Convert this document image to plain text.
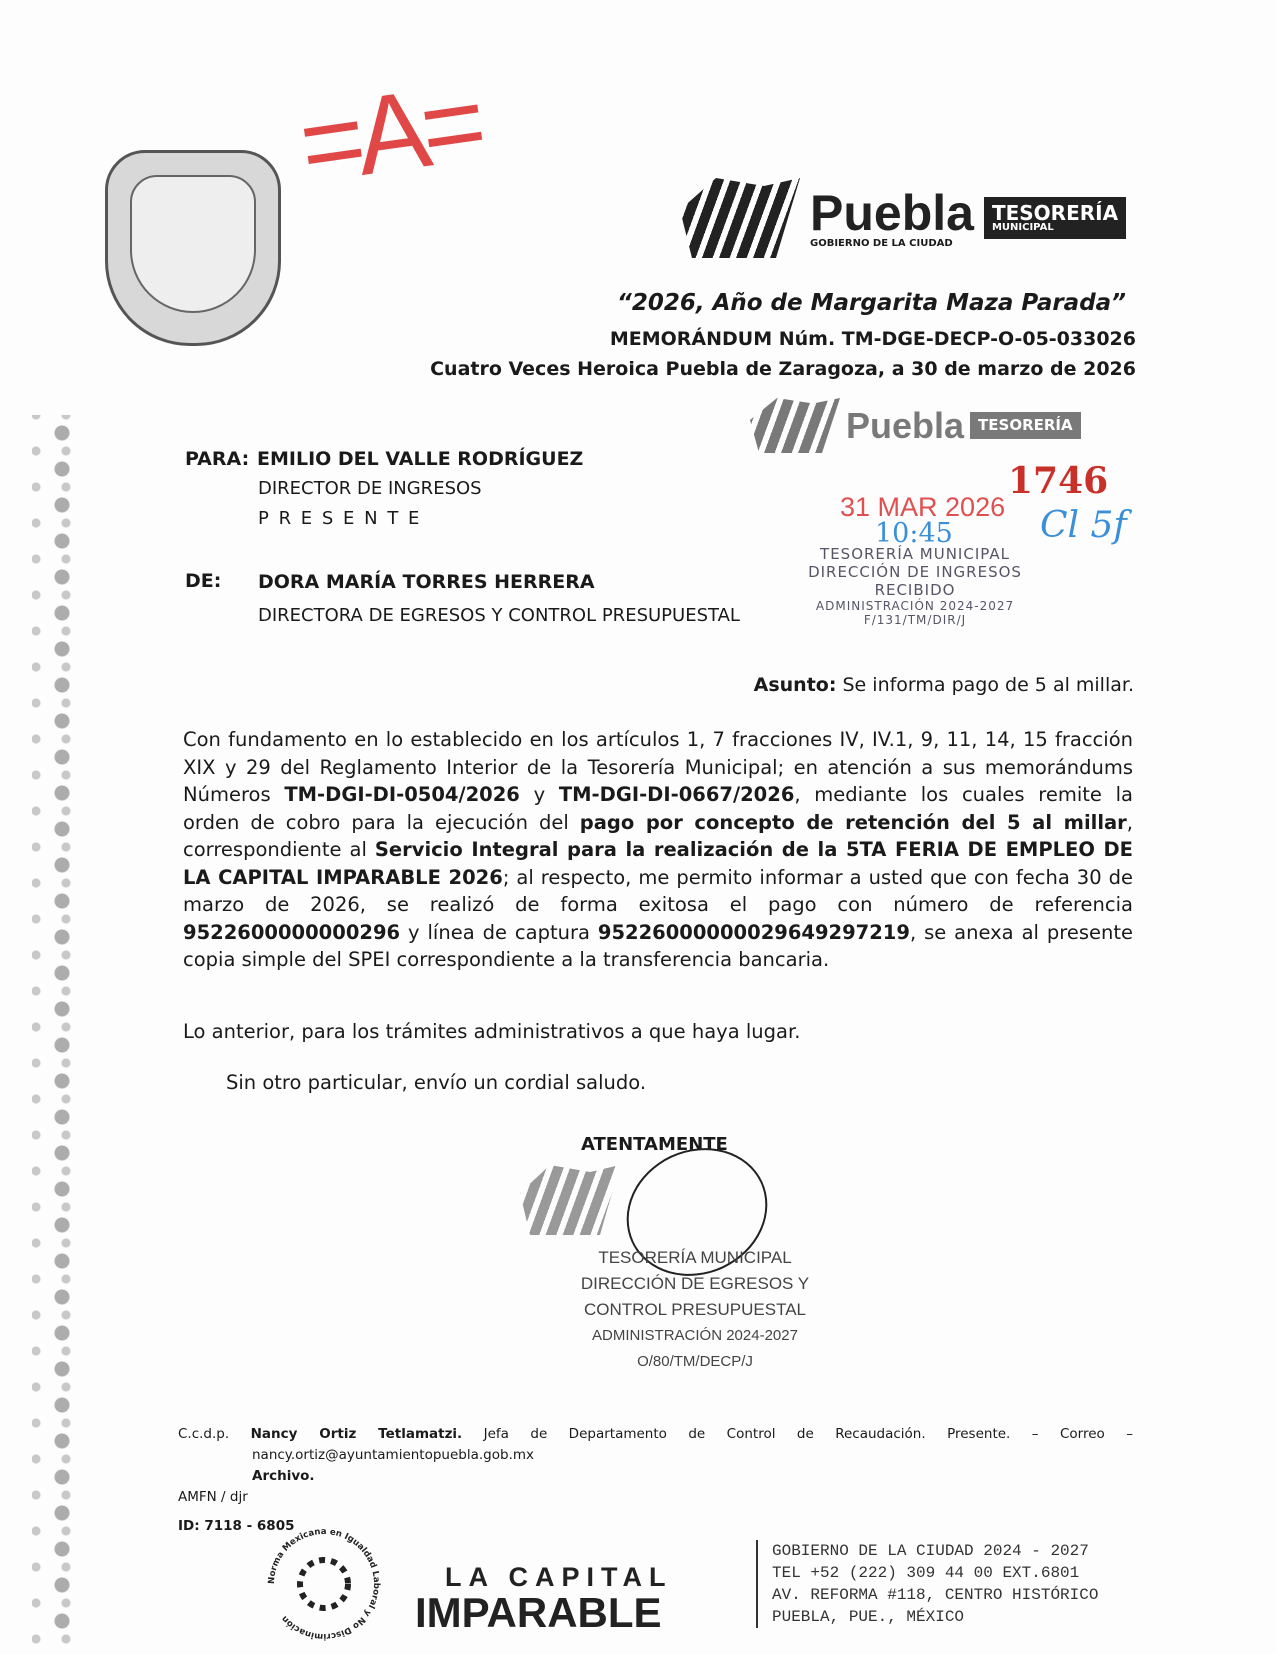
=A=
Puebla
GOBIERNO DE LA CIUDAD
TESORERÍA
MUNICIPAL
“2026, Año de Margarita Maza Parada”
MEMORÁNDUM Núm. TM-DGE-DECP-O-05-033026
Cuatro Veces Heroica Puebla de Zaragoza, a 30 de marzo de 2026
Puebla TESORERÍA
1746
31 MAR 2026
10:45 Cl 5f
TESORERÍA MUNICIPAL
DIRECCIÓN DE INGRESOS
RECIBIDO
ADMINISTRACIÓN 2024-2027
F/131/TM/DIR/J
PARA: EMILIO DEL VALLE RODRÍGUEZ
DIRECTOR DE INGRESOS
P R E S E N T E
DE: DORA MARÍA TORRES HERRERA
DIRECTORA DE EGRESOS Y CONTROL PRESUPUESTAL
Asunto: Se informa pago de 5 al millar.
Con fundamento en lo establecido en los artículos 1, 7 fracciones IV, IV.1, 9, 11, 14, 15 fracción XIX y 29 del Reglamento Interior de la Tesorería Municipal; en atención a sus memorándums Números TM-DGI-DI-0504/2026 y TM-DGI-DI-0667/2026, mediante los cuales remite la orden de cobro para la ejecución del pago por concepto de retención del 5 al millar, correspondiente al Servicio Integral para la realización de la 5TA FERIA DE EMPLEO DE LA CAPITAL IMPARABLE 2026; al respecto, me permito informar a usted que con fecha 30 de marzo de 2026, se realizó de forma exitosa el pago con número de referencia 9522600000000296 y línea de captura 95226000000029649297219, se anexa al presente copia simple del SPEI correspondiente a la transferencia bancaria.
Lo anterior, para los trámites administrativos a que haya lugar.
Sin otro particular, envío un cordial saludo.
ATENTAMENTE
TESORERÍA MUNICIPAL
DIRECCIÓN DE EGRESOS Y
CONTROL PRESUPUESTAL
ADMINISTRACIÓN 2024-2027
O/80/TM/DECP/J
C.c.d.p. Nancy Ortiz Tetlamatzi. Jefa de Departamento de Control de Recaudación. Presente. – Correo –
nancy.ortiz@ayuntamientopuebla.gob.mx
Archivo.
AMFN / djr
ID: 7118 - 6805
Norma Mexicana en Igualdad Laboral y No Discriminación
LA CAPITAL
IMPARABLE
GOBIERNO DE LA CIUDAD 2024 - 2027
TEL +52 (222) 309 44 00 EXT.6801
AV. REFORMA #118, CENTRO HISTÓRICO
PUEBLA, PUE., MÉXICO
